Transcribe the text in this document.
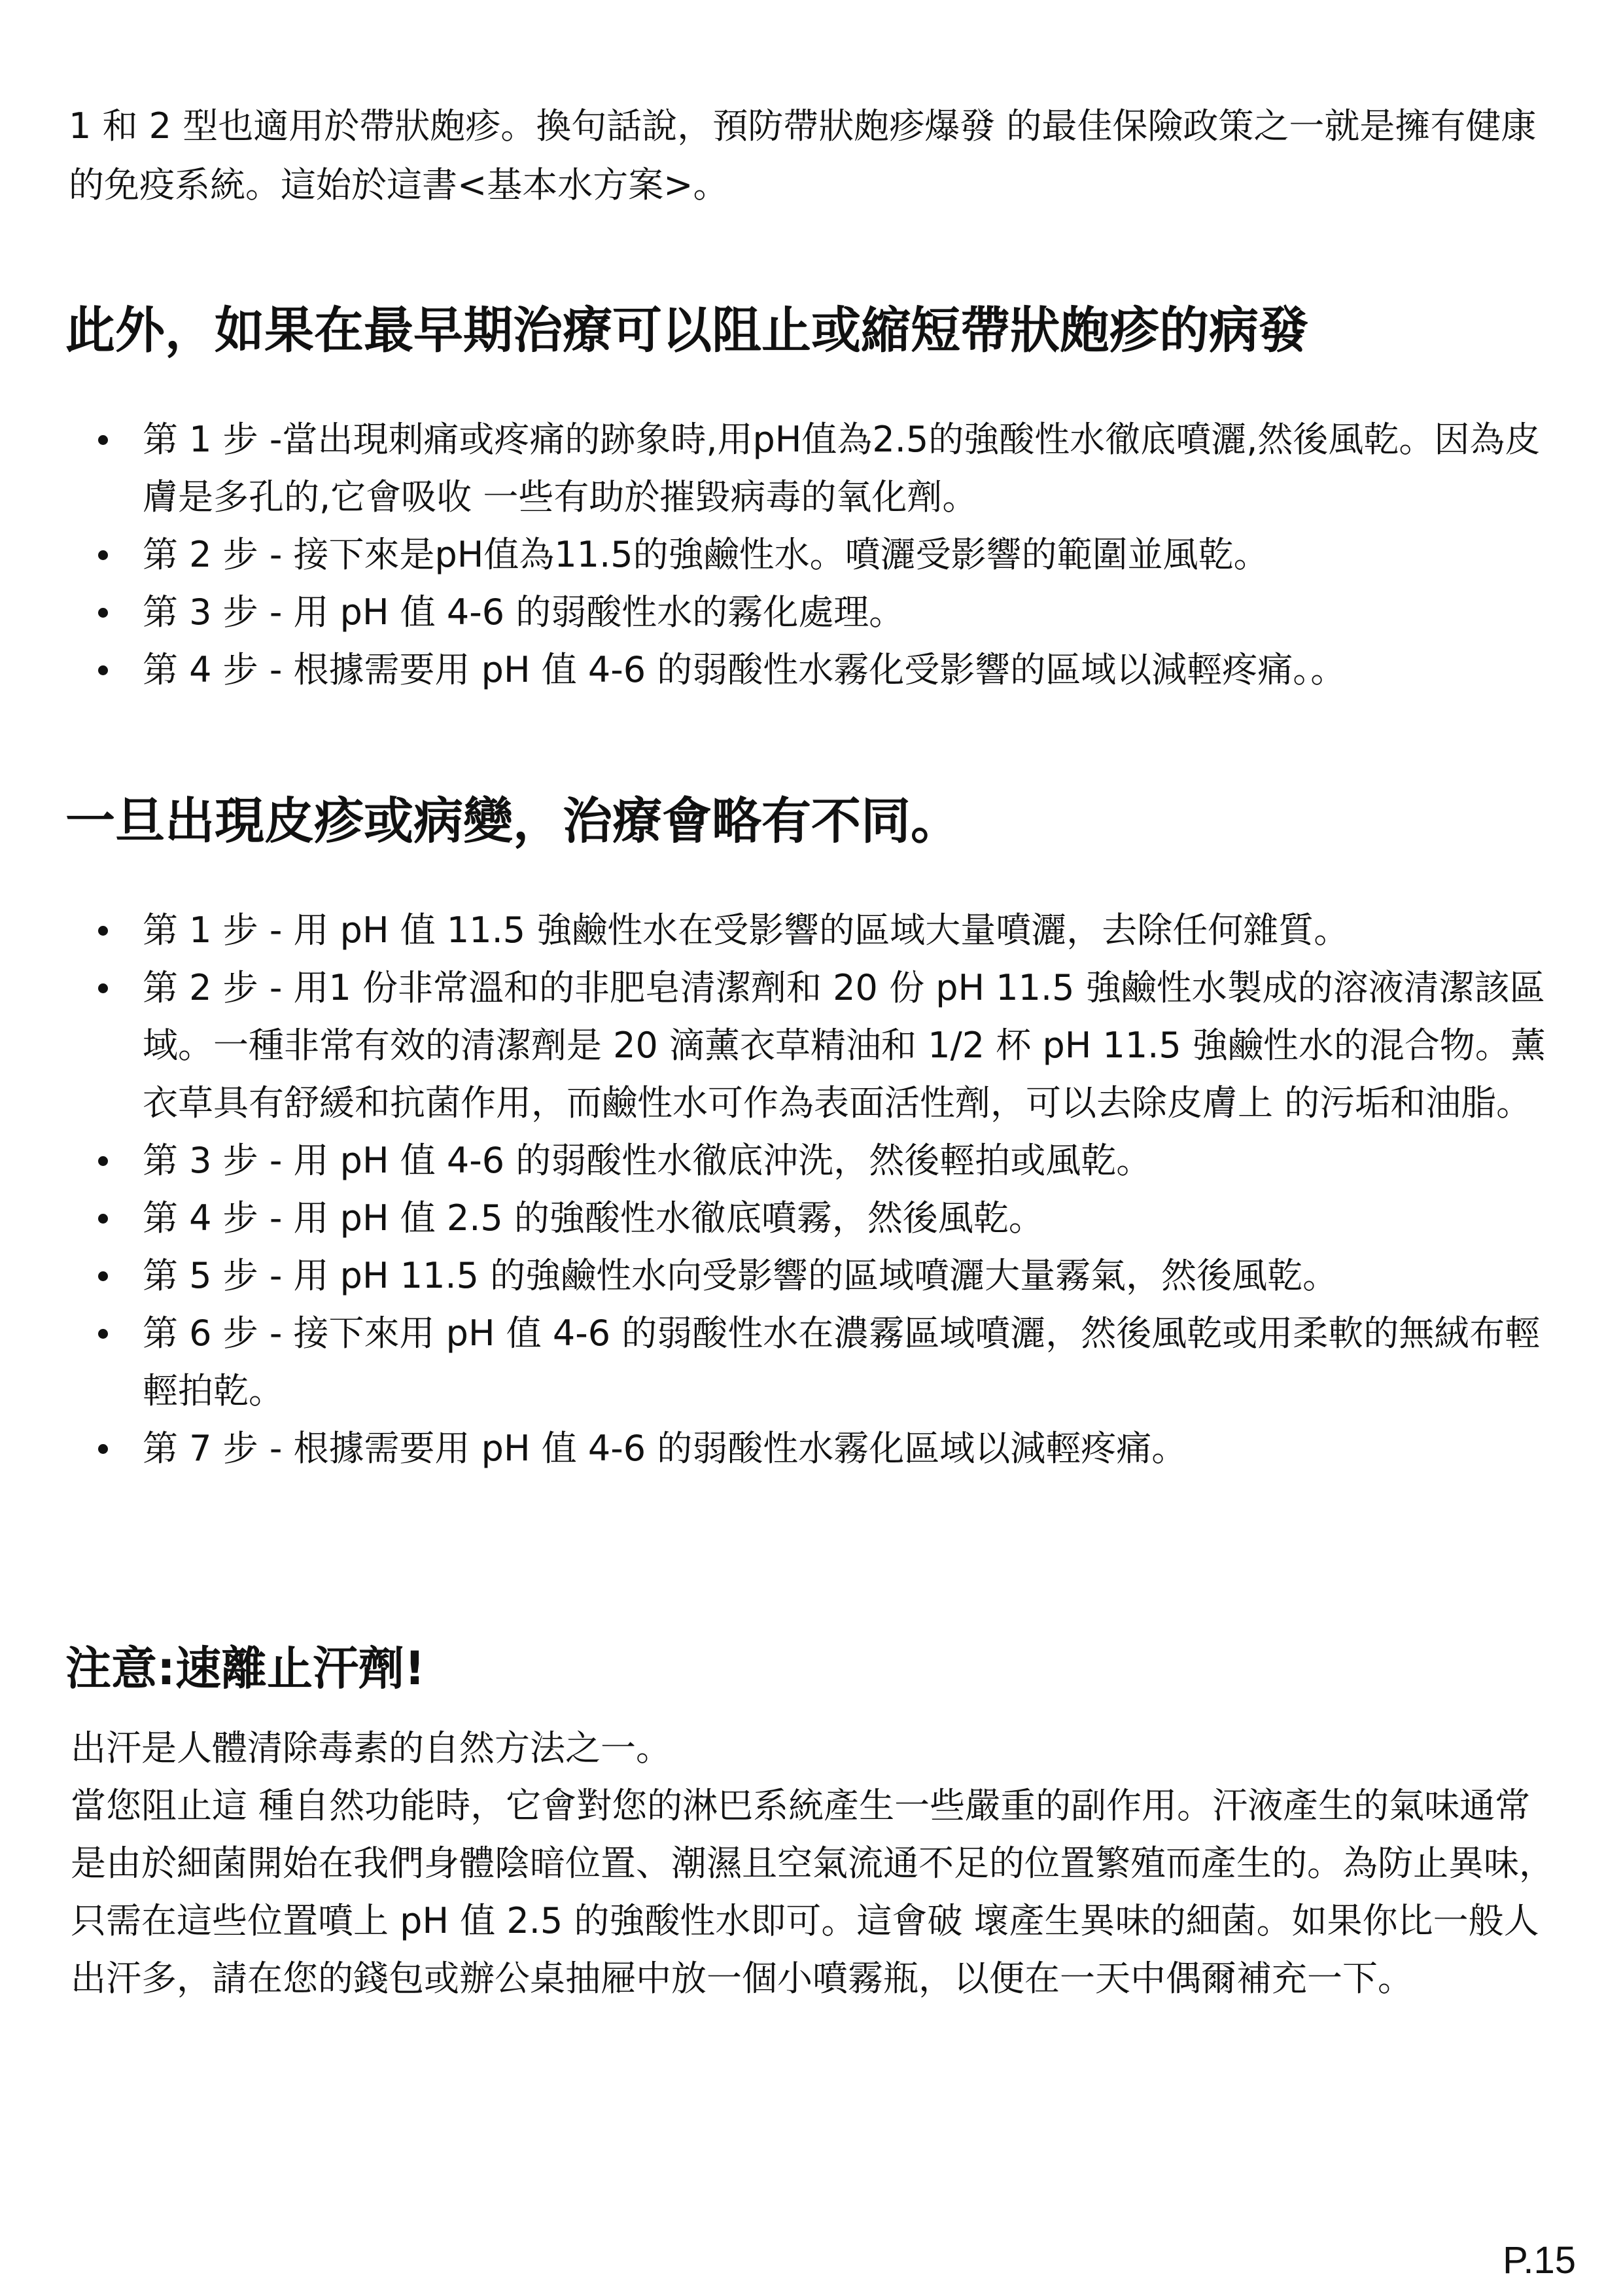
1 和 2 型也適用於帶狀皰疹。換句話說，預防帶狀皰疹爆發 的最佳保險政策之一就是擁有健康的免疫系統。這始於這書<基本水方案>。

此外，如果在最早期治療可以阻止或縮短帶狀皰疹的病發
第 1 步 -當出現刺痛或疼痛的跡象時,用pH值為2.5的強酸性水徹底噴灑,然後風乾。因為皮膚是多孔的,它會吸收 一些有助於摧毀病毒的氧化劑。
第 2 步 - 接下來是pH值為11.5的強鹼性水。噴灑受影響的範圍並風乾。
第 3 步 - 用 pH 值 4-6 的弱酸性水的霧化處理。
第 4 步 - 根據需要用 pH 值 4-6 的弱酸性水霧化受影響的區域以減輕疼痛。。
一旦出現皮疹或病變，治療會略有不同。
第 1 步 - 用 pH 值 11.5 強鹼性水在受影響的區域大量噴灑，去除任何雜質。
第 2 步 - 用1 份非常溫和的非肥皂清潔劑和 20 份 pH 11.5 強鹼性水製成的溶液清潔該區域。一種非常有效的清潔劑是 20 滴薰衣草精油和 1/2 杯 pH 11.5 強鹼性水的混合物。薰衣草具有舒緩和抗菌作用，而鹼性水可作為表面活性劑，可以去除皮膚上 的污垢和油脂。
第 3 步 - 用 pH 值 4-6 的弱酸性水徹底沖洗，然後輕拍或風乾。
第 4 步 - 用 pH 值 2.5 的強酸性水徹底噴霧，然後風乾。
第 5 步 - 用 pH 11.5 的強鹼性水向受影響的區域噴灑大量霧氣，然後風乾。
第 6 步 - 接下來用 pH 值 4-6 的弱酸性水在濃霧區域噴灑，然後風乾或用柔軟的無絨布輕輕拍乾。
第 7 步 - 根據需要用 pH 值 4-6 的弱酸性水霧化區域以減輕疼痛。
注意:速離止汗劑!

出汗是人體清除毒素的自然方法之一。

當您阻止這 種自然功能時，它會對您的淋巴系統產生一些嚴重的副作用。汗液產生的氣味通常是由於細菌開始在我們身體陰暗位置、潮濕且空氣流通不足的位置繁殖而產生的。為防止異味，只需在這些位置噴上 pH 值 2.5 的強酸性水即可。這會破 壞產生異味的細菌。如果你比一般人出汗多，請在您的錢包或辦公桌抽屜中放一個小噴霧瓶，以便在一天中偶爾補充一下。

P.15
